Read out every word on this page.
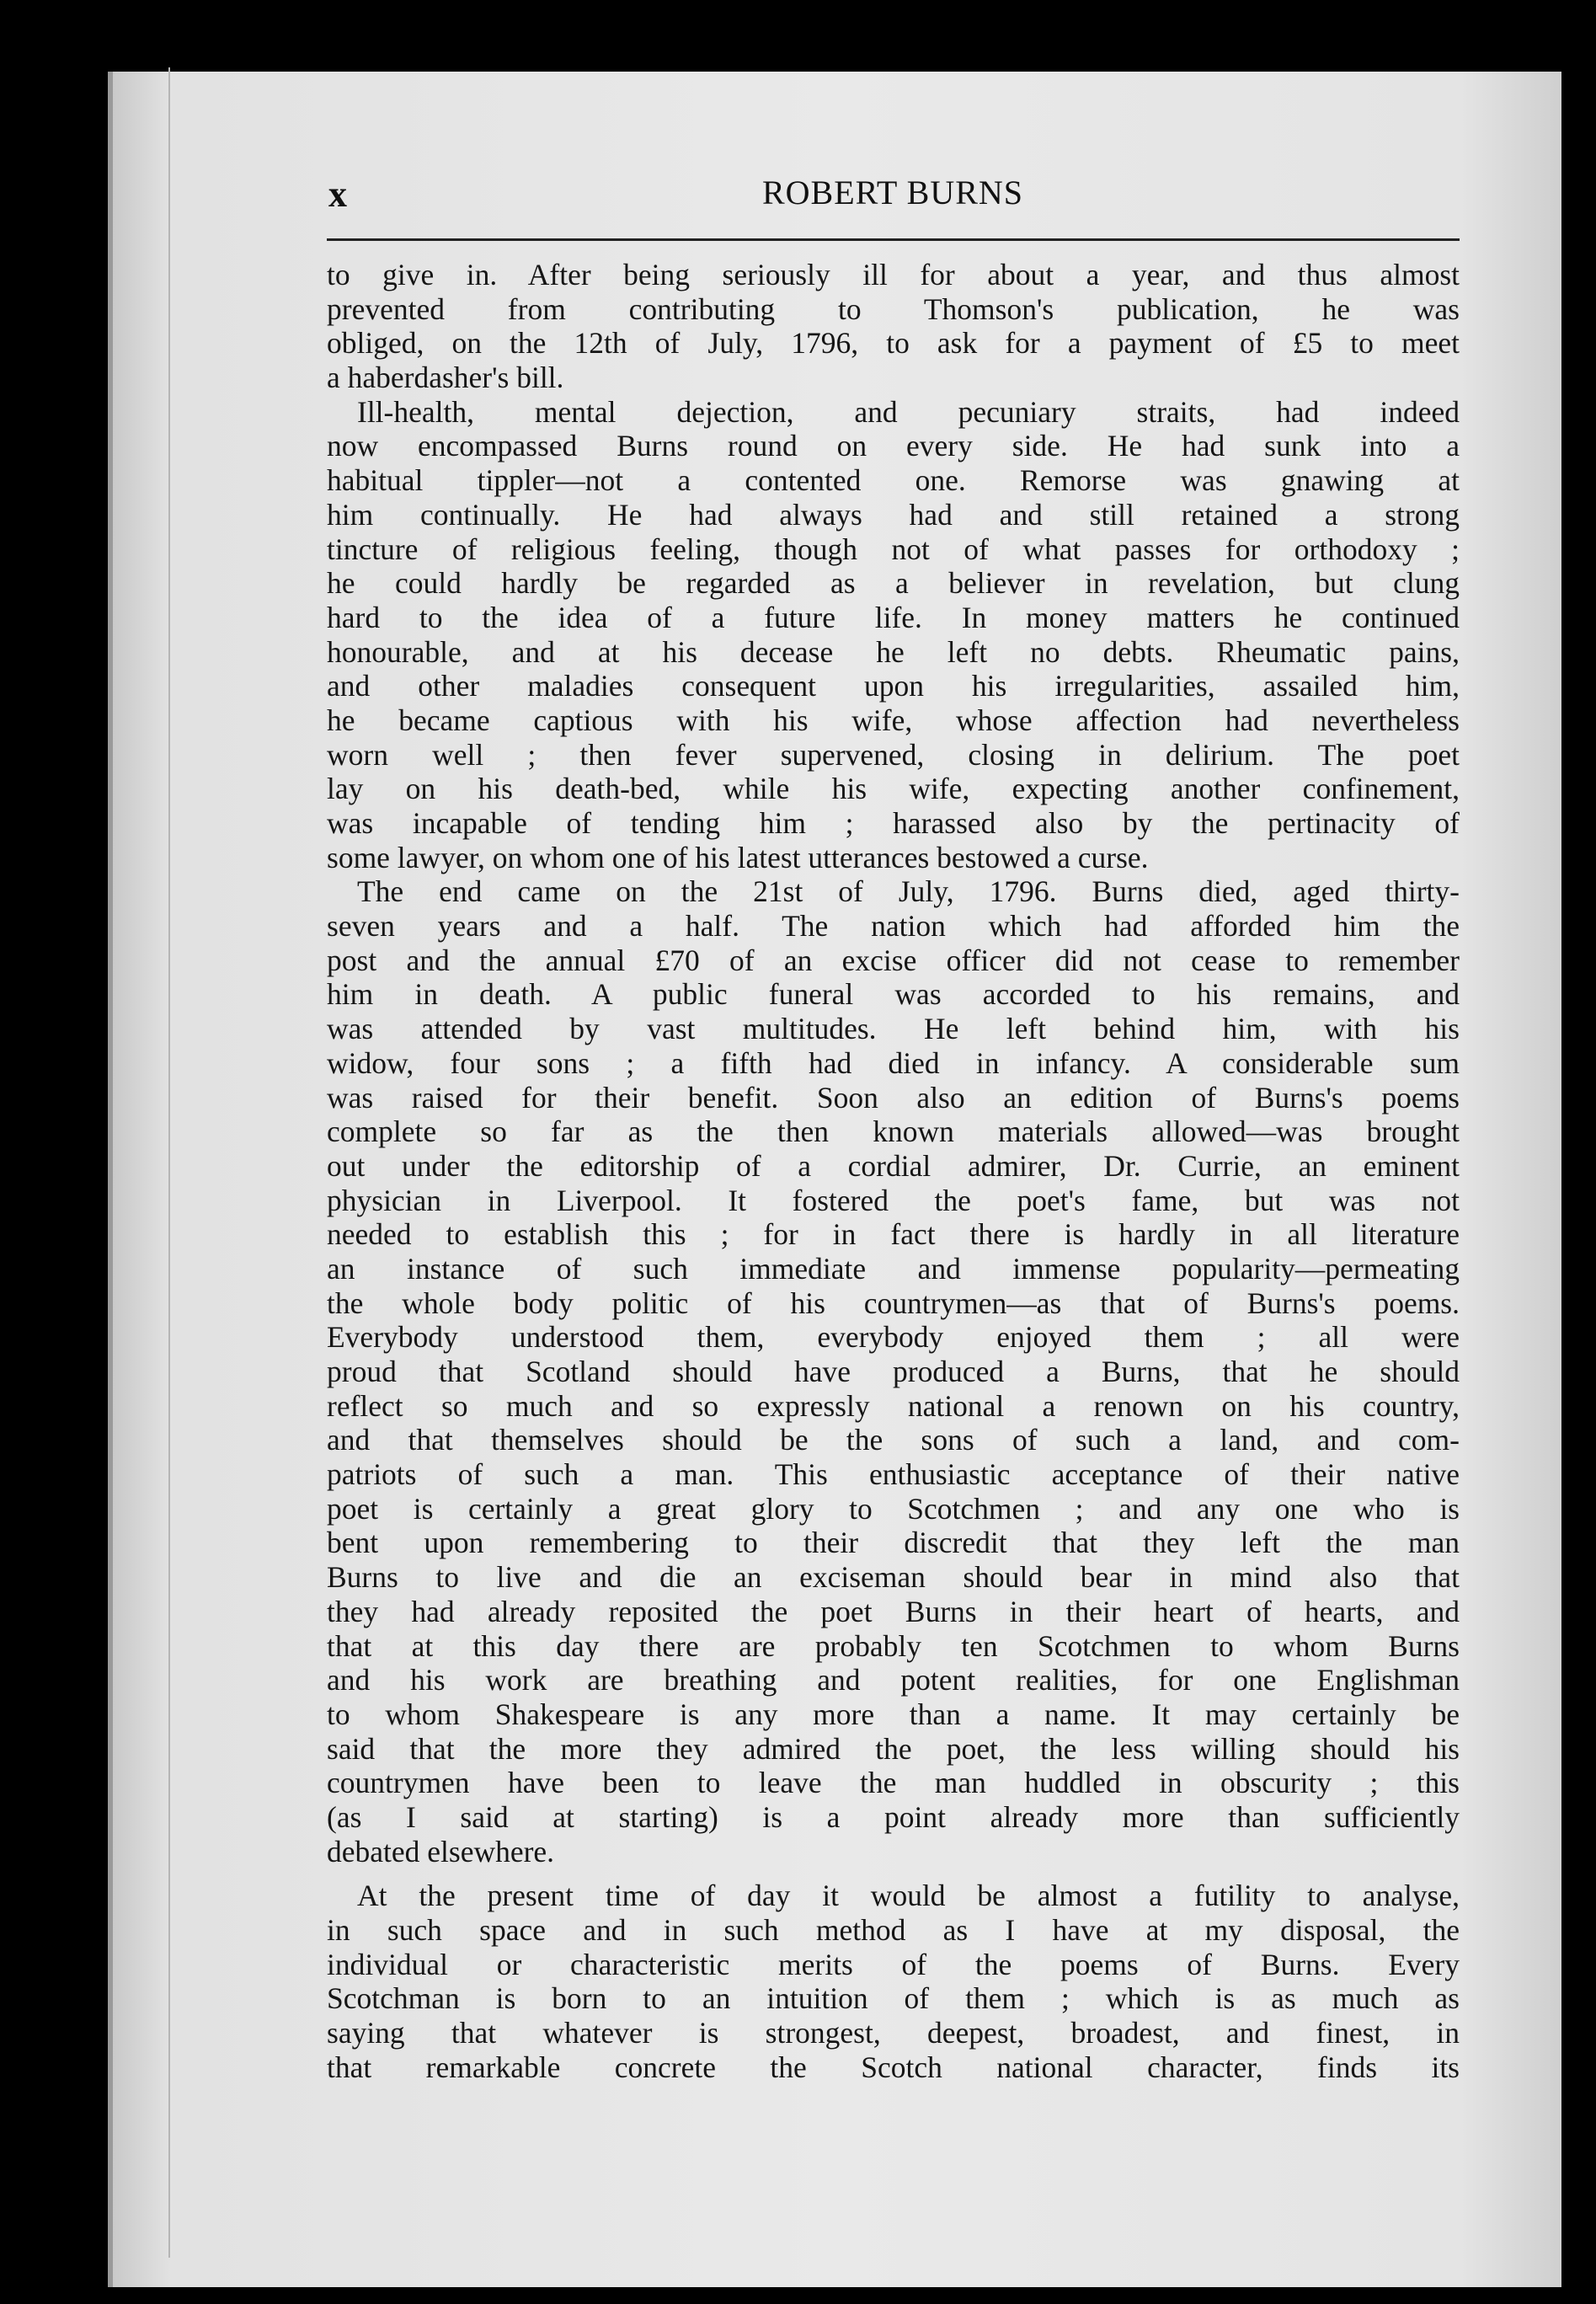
x	ROBERT BURNS
to give in. After being seriously ill for about a year, and thus almost
prevented from contributing to Thomson's publication, he was
obliged, on the 12th of July, 1796, to ask for a payment of £5 to meet
a haberdasher's bill.
Ill-health, mental dejection, and pecuniary straits, had indeed
now encompassed Burns round on every side. He had sunk into a
habitual tippler—not a contented one. Remorse was gnawing at
him continually. He had always had and still retained a strong
tincture of religious feeling, though not of what passes for orthodoxy ;
he could hardly be regarded as a believer in revelation, but clung
hard to the idea of a future life. In money matters he continued
honourable, and at his decease he left no debts. Rheumatic pains,
and other maladies consequent upon his irregularities, assailed him,
he became captious with his wife, whose affection had nevertheless
worn well ; then fever supervened, closing in delirium. The poet
lay on his death-bed, while his wife, expecting another confinement,
was incapable of tending him ; harassed also by the pertinacity of
some lawyer, on whom one of his latest utterances bestowed a curse.
The end came on the 21st of July, 1796. Burns died, aged thirty-
seven years and a half. The nation which had afforded him the
post and the annual £70 of an excise officer did not cease to remember
him in death. A public funeral was accorded to his remains, and
was attended by vast multitudes. He left behind him, with his
widow, four sons ; a fifth had died in infancy. A considerable sum
was raised for their benefit. Soon also an edition of Burns's poems
complete so far as the then known materials allowed—was brought
out under the editorship of a cordial admirer, Dr. Currie, an eminent
physician in Liverpool. It fostered the poet's fame, but was not
needed to establish this ; for in fact there is hardly in all literature
an instance of such immediate and immense popularity—permeating
the whole body politic of his countrymen—as that of Burns's poems.
Everybody understood them, everybody enjoyed them ; all were
proud that Scotland should have produced a Burns, that he should
reflect so much and so expressly national a renown on his country,
and that themselves should be the sons of such a land, and com-
patriots of such a man. This enthusiastic acceptance of their native
poet is certainly a great glory to Scotchmen ; and any one who is
bent upon remembering to their discredit that they left the man
Burns to live and die an exciseman should bear in mind also that
they had already reposited the poet Burns in their heart of hearts, and
that at this day there are probably ten Scotchmen to whom Burns
and his work are breathing and potent realities, for one Englishman
to whom Shakespeare is any more than a name. It may certainly be
said that the more they admired the poet, the less willing should his
countrymen have been to leave the man huddled in obscurity ; this
(as I said at starting) is a point already more than sufficiently
debated elsewhere.
At the present time of day it would be almost a futility to analyse,
in such space and in such method as I have at my disposal, the
individual or characteristic merits of the poems of Burns. Every
Scotchman is born to an intuition of them ; which is as much as
saying that whatever is strongest, deepest, broadest, and finest, in
that remarkable concrete the Scotch national character, finds its
